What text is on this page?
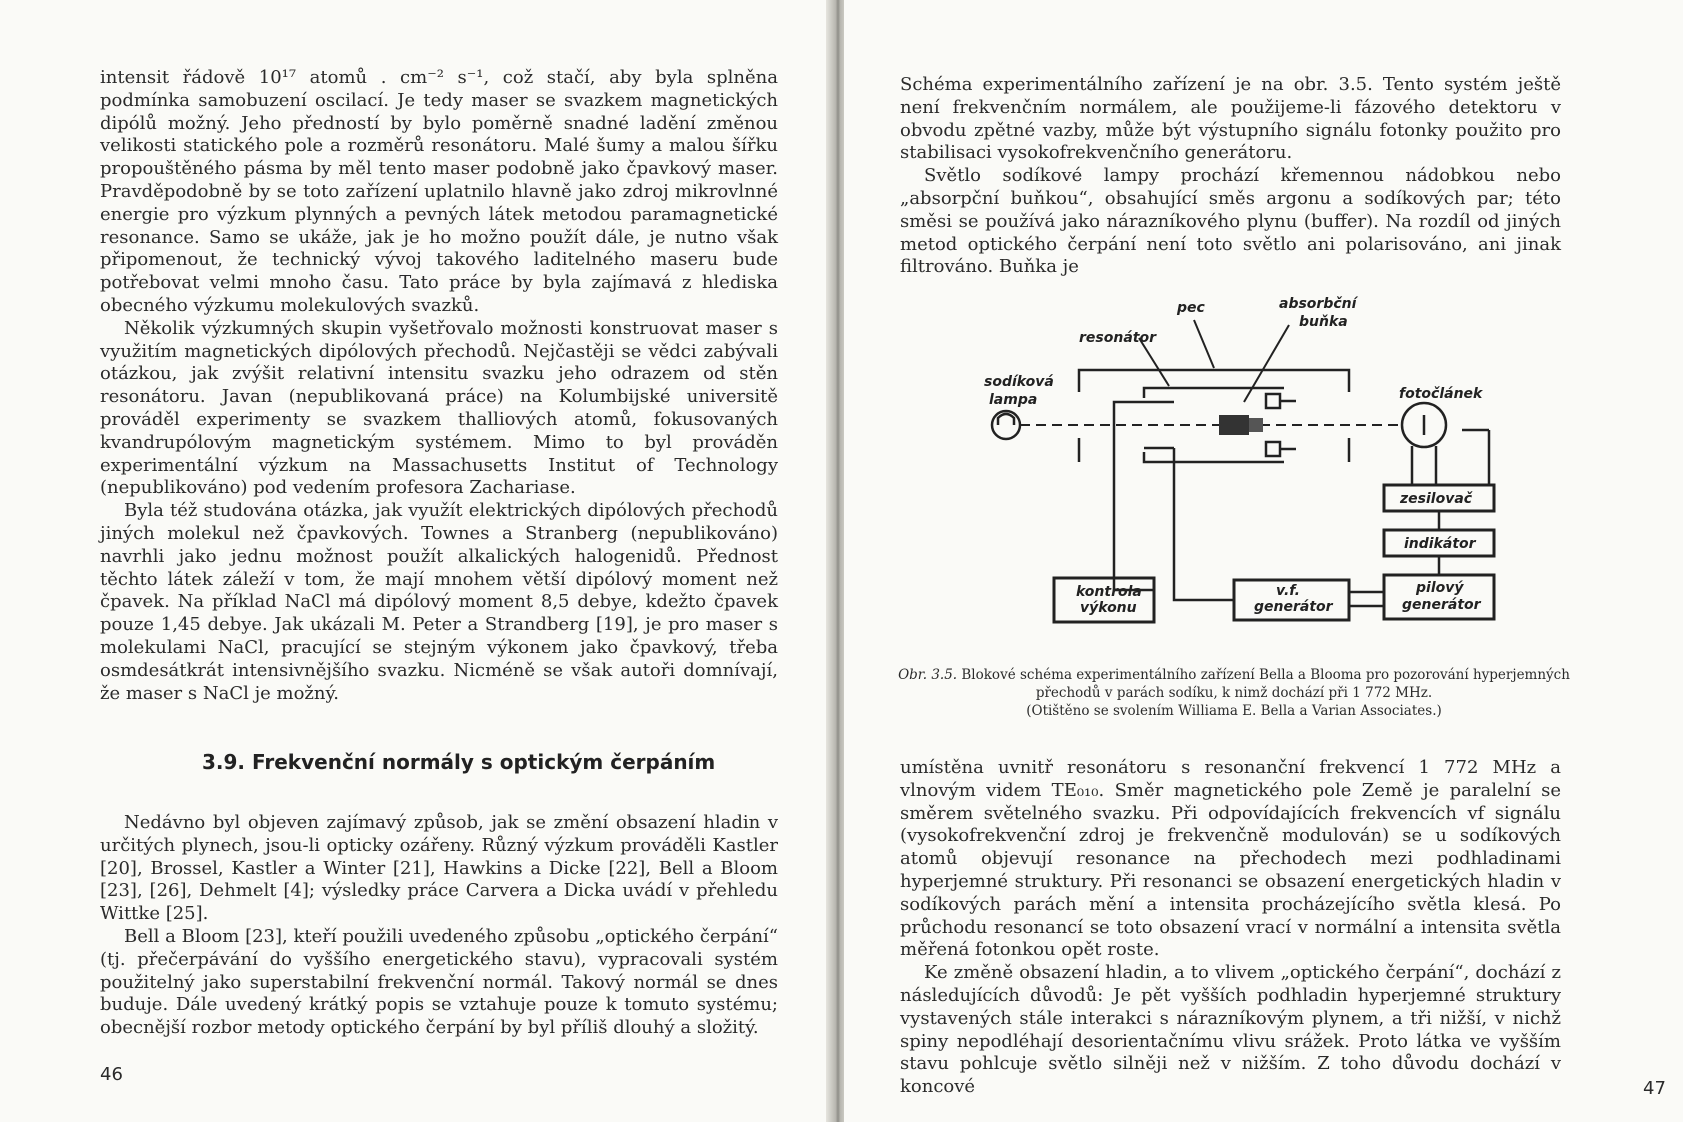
intensit řádově 10¹⁷ atomů . cm⁻² s⁻¹, což stačí, aby byla splněna podmínka samobuzení oscilací. Je tedy maser se svazkem magnetických dipólů možný. Jeho předností by bylo poměrně snadné ladění změnou velikosti statického pole a rozměrů resonátoru. Malé šumy a malou šířku propouštěného pásma by měl tento maser podobně jako čpavkový maser. Pravděpodobně by se toto zařízení uplatnilo hlavně jako zdroj mikrovlnné energie pro výzkum plynných a pevných látek metodou paramagnetické resonance. Samo se ukáže, jak je ho možno použít dále, je nutno však připomenout, že technický vývoj takového laditelného maseru bude potřebovat velmi mnoho času. Tato práce by byla zajímavá z hlediska obecného výzkumu molekulových svazků.

Několik výzkumných skupin vyšetřovalo možnosti konstruovat maser s využitím magnetických dipólových přechodů. Nejčastěji se vědci zabývali otázkou, jak zvýšit relativní intensitu svazku jeho odrazem od stěn resonátoru. Javan (nepublikovaná práce) na Kolumbijské universitě prováděl experimenty se svazkem thalliových atomů, fokusovaných kvandrupólovým magnetickým systémem. Mimo to byl prováděn experimentální výzkum na Massachusetts Institut of Technology (nepublikováno) pod vedením profesora Zachariase.

Byla též studována otázka, jak využít elektrických dipólových přechodů jiných molekul než čpavkových. Townes a Stranberg (nepublikováno) navrhli jako jednu možnost použít alkalických halogenidů. Přednost těchto látek záleží v tom, že mají mnohem větší dipólový moment než čpavek. Na příklad NaCl má dipólový moment 8,5 debye, kdežto čpavek pouze 1,45 debye. Jak ukázali M. Peter a Strandberg [19], je pro maser s molekulami NaCl, pracující se stejným výkonem jako čpavkový, třeba osmdesátkrát intensivnějšího svazku. Nicméně se však autoři domnívají, že maser s NaCl je možný.

3.9. Frekvenční normály s optickým čerpáním

Nedávno byl objeven zajímavý způsob, jak se změní obsazení hladin v určitých plynech, jsou-li opticky ozářeny. Různý výzkum prováděli Kastler [20], Brossel, Kastler a Winter [21], Hawkins a Dicke [22], Bell a Bloom [23], [26], Dehmelt [4]; výsledky práce Carvera a Dicka uvádí v přehledu Wittke [25].

Bell a Bloom [23], kteří použili uvedeného způsobu „optického čerpání“ (tj. přečerpávání do vyššího energetického stavu), vypracovali systém použitelný jako superstabilní frekvenční normál. Takový normál se dnes buduje. Dále uvedený krátký popis se vztahuje pouze k tomuto systému; obecnější rozbor metody optického čerpání by byl příliš dlouhý a složitý.

46

Schéma experimentálního zařízení je na obr. 3.5. Tento systém ještě není frekvenčním normálem, ale použijeme-li fázového detektoru v obvodu zpětné vazby, může být výstupního signálu fotonky použito pro stabilisaci vysokofrekvenčního generátoru.

Světlo sodíkové lampy prochází křemennou nádobkou nebo „absorpční buňkou“, obsahující směs argonu a sodíkových par; této směsi se používá jako nárazníkového plynu (buffer). Na rozdíl od jiných metod optického čerpání není toto světlo ani polarisováno, ani jinak filtrováno. Buňka je

pec	absorbční
buňka
resonátor
sodíková
lampa	fotočlánek
zesilovač
indikátor
kontrola
výkonu
v.f.
generátor
pilový
generátor
Obr. 3.5. Blokové schéma experimentálního zařízení Bella a Blooma pro pozorování hyperjemných přechodů v parách sodíku, k nimž dochází při 1 772 MHz.
(Otištěno se svolením Williama E. Bella a Varian Associates.)

umístěna uvnitř resonátoru s resonanční frekvencí 1 772 MHz a vlnovým videm TE₀₁₀. Směr magnetického pole Země je paralelní se směrem světelného svazku. Při odpovídajících frekvencích vf signálu (vysokofrekvenční zdroj je frekvenčně modulován) se u sodíkových atomů objevují resonance na přechodech mezi podhladinami hyperjemné struktury. Při resonanci se obsazení energetických hladin v sodíkových parách mění a intensita procházejícího světla klesá. Po průchodu resonancí se toto obsazení vrací v normální a intensita světla měřená fotonkou opět roste.

Ke změně obsazení hladin, a to vlivem „optického čerpání“, dochází z následujících důvodů: Je pět vyšších podhladin hyperjemné struktury vystavených stále interakci s nárazníkovým plynem, a tři nižší, v nichž spiny nepodléhají desorientačnímu vlivu srážek. Proto látka ve vyšším stavu pohlcuje světlo silněji než v nižším. Z toho důvodu dochází v koncové	47
